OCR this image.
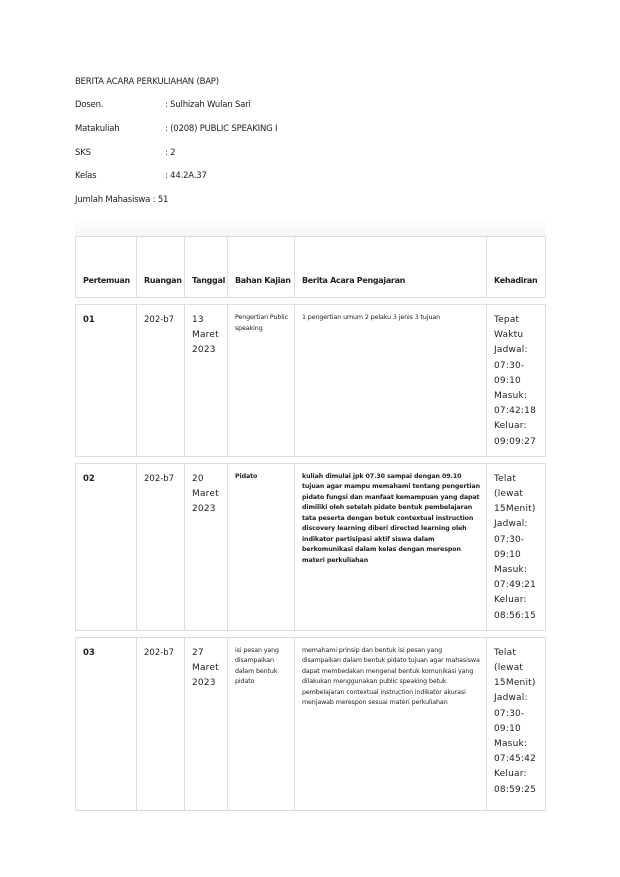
BERITA ACARA PERKULIAHAN (BAP)
Dosen.	: Sulhizah Wulan Sari
Matakuliah	: (0208) PUBLIC SPEAKING I
SKS	: 2
Kelas	: 44.2A.37
Jumlah Mahasiswa : 51
Pertemuan	Ruangan	Tanggal	Bahan Kajian	Berita Acara Pengajaran	Kehadiran

01	202-b7	13 Maret 2023	Pengertian Public speaking	1 pengertian umum 2 pelaku 3 jenis 3 tujuan	Tepat Waktu Jadwal: 07:30-09:10 Masuk: 07:42:18 Keluar: 09:09:27

02	202-b7	20 Maret 2023	Pidato	kuliah dimulai jpk 07.30 sampai dengan 09.10 tujuan agar mampu memahami tentang pengertian pidato fungsi dan manfaat kemampuan yang dapat dimiliki oleh setelah pidato bentuk pembelajaran tata peserta dengan betuk contextual instruction discovery learning diberi directed learning oleh indikator partisipasi aktif siswa dalam berkomunikasi dalam kelas dengan merespon materi perkuliahan	Telat (lewat 15Menit) Jadwal: 07:30-09:10 Masuk: 07:49:21 Keluar: 08:56:15

03	202-b7	27 Maret 2023	isi pesan yang disampaikan dalam bentuk pidato	memahami prinsip dan bentuk isi pesan yang disampaikan dalam bentuk pidato tujuan agar mahasiswa dapat membedakan mengenal bentuk komunikasi yang dilakukan menggunakan public speaking betuk pembelajaran contextual instruction indikator akurasi menjawab merespon sesuai materi perkuliahan	Telat (lewat 15Menit) Jadwal: 07:30-09:10 Masuk: 07:45:42 Keluar: 08:59:25
